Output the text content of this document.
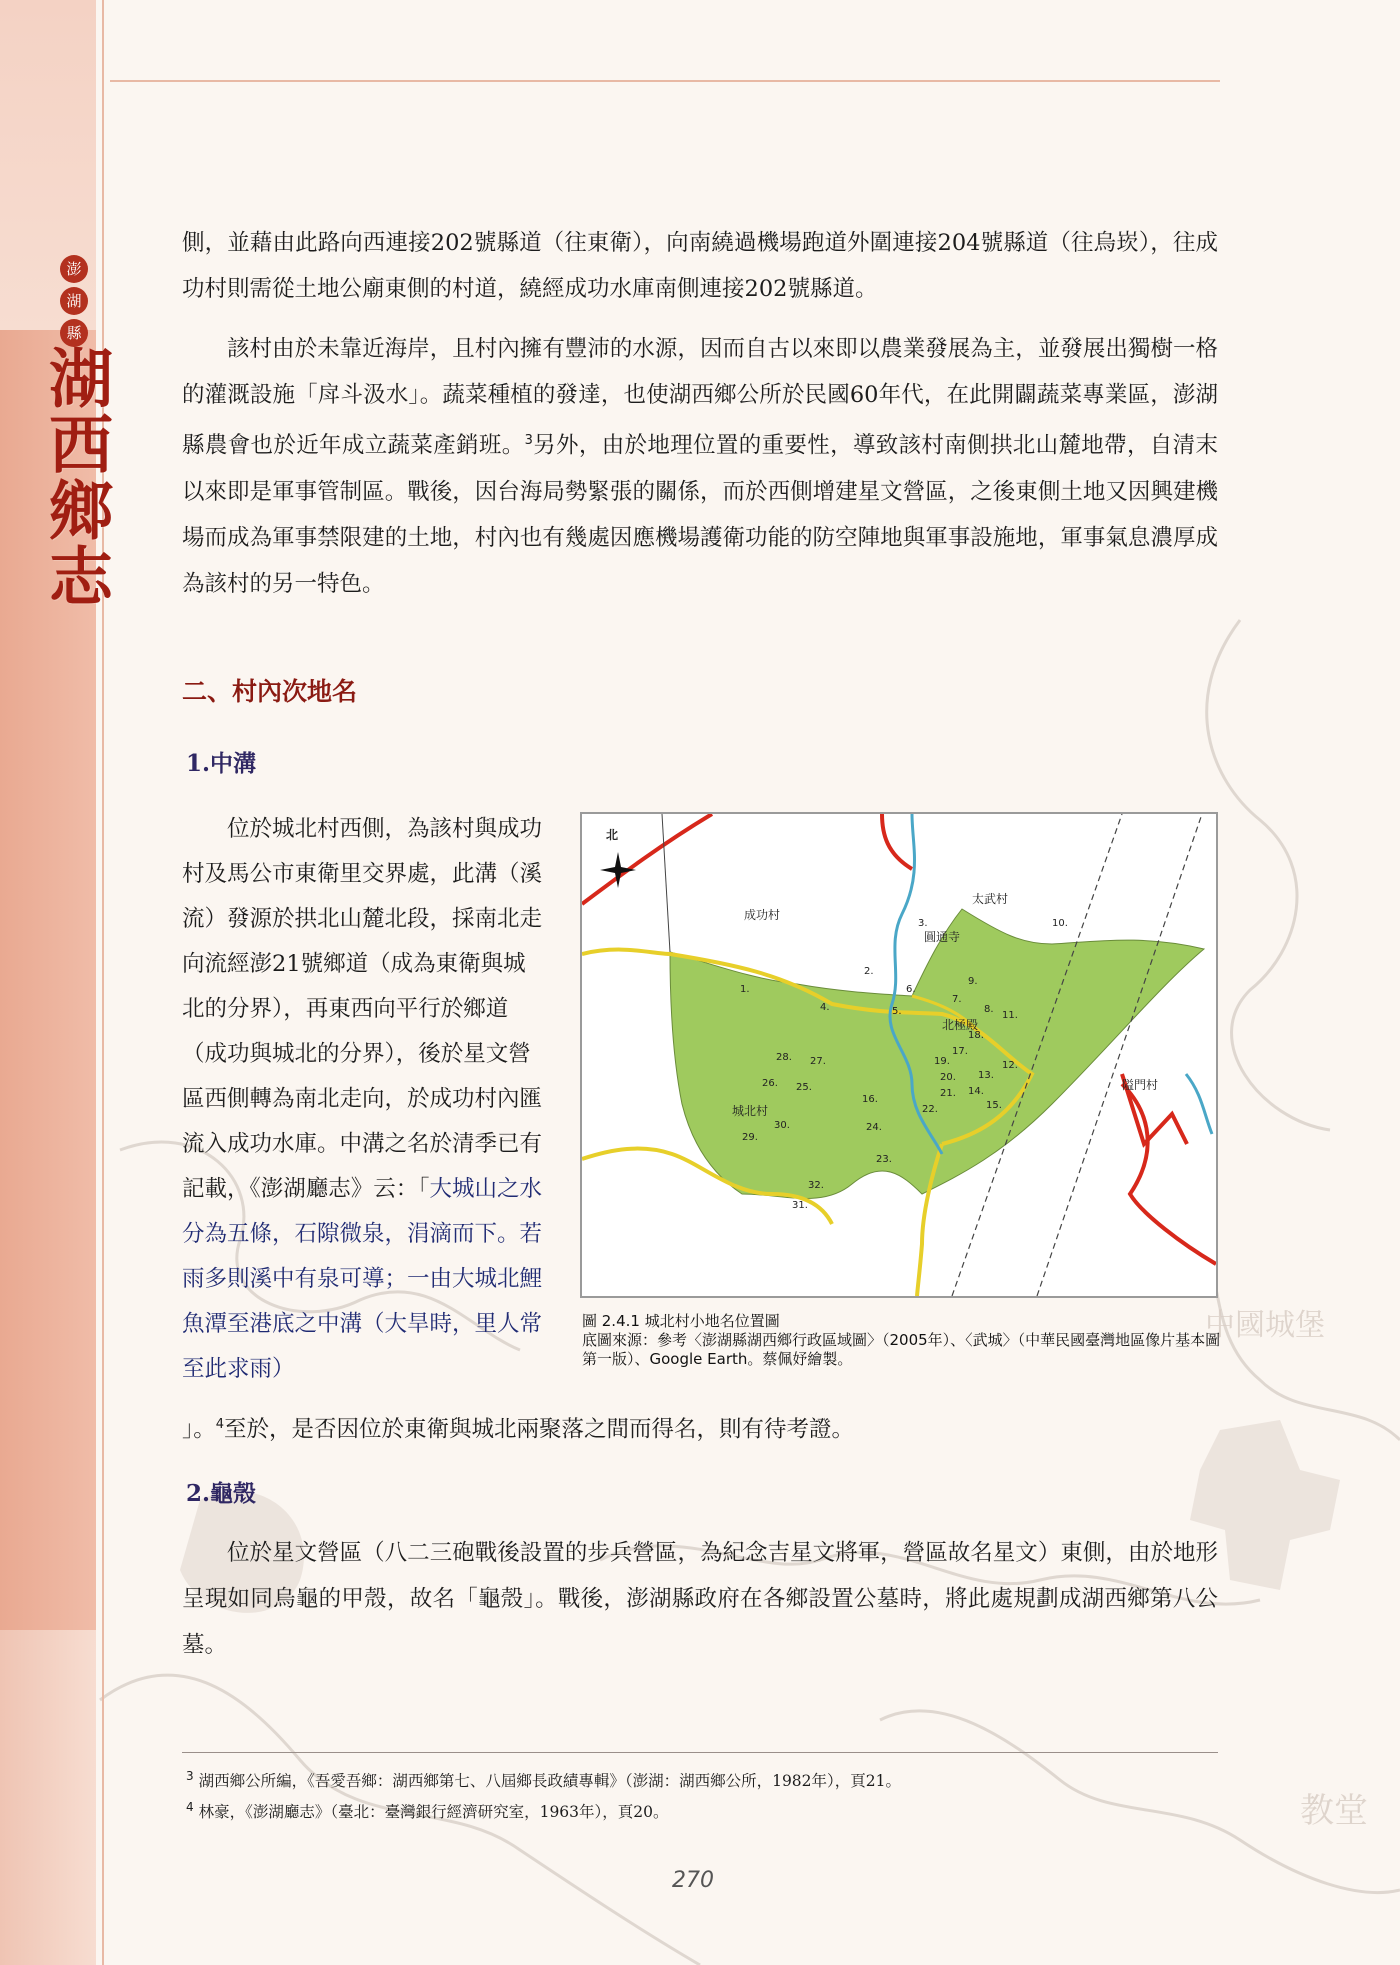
中國城堡
教堂
澎
湖
縣
湖西鄉志

側，並藉由此路向西連接202號縣道（往東衛），向南繞過機場跑道外圍連接204號縣道（往烏崁），往成功村則需從土地公廟東側的村道，繞經成功水庫南側連接202號縣道。

該村由於未靠近海岸，且村內擁有豐沛的水源，因而自古以來即以農業發展為主，並發展出獨樹一格的灌溉設施「戽斗汲水」。蔬菜種植的發達，也使湖西鄉公所於民國60年代，在此開闢蔬菜專業區，澎湖縣農會也於近年成立蔬菜產銷班。$^3$另外，由於地理位置的重要性，導致該村南側拱北山麓地帶，自清末以來即是軍事管制區。戰後，因台海局勢緊張的關係，而於西側增建星文營區，之後東側土地又因興建機場而成為軍事禁限建的土地，村內也有幾處因應機場護衛功能的防空陣地與軍事設施地，軍事氣息濃厚成為該村的另一特色。

二、村內次地名
1.中溝

位於城北村西側，為該村與成功村及馬公市東衛里交界處，此溝（溪流）發源於拱北山麓北段，採南北走向流經澎21號鄉道（成為東衛與城北的分界），再東西向平行於鄉道（成功與城北的分界），後於星文營區西側轉為南北走向，於成功村內匯流入成功水庫。中溝之名於清季已有記載，《澎湖廳志》云：「大城山之水分為五條，石隙微泉，涓滴而下。若雨多則溪中有泉可導；一由大城北鯉魚潭至港底之中溝（大旱時，里人常至此求雨）

北
成功村
太武村
圓通寺
北極殿
城北村
隘門村
1.
2.
3.
4.	5.
6.
7.
8.
9.
10.
11.
12.
13.
14.
15.
16.
17.
18.
19.
20.
21.
22.
23.
24.
25.
26.
27.
28.
29.
30.
31.
32.

圖 2.4.1 城北村小地名位置圖
底圖來源：參考〈澎湖縣湖西鄉行政區域圖〉（2005年）、〈武城〉（中華民國臺灣地區像片基本圖第一版）、Google Earth。蔡佩妤繪製。

」。$^4$至於，是否因位於東衛與城北兩聚落之間而得名，則有待考證。

2.龜殼

位於星文營區（八二三砲戰後設置的步兵營區，為紀念吉星文將軍，營區故名星文）東側，由於地形呈現如同烏龜的甲殼，故名「龜殼」。戰後，澎湖縣政府在各鄉設置公墓時，將此處規劃成湖西鄉第八公墓。

$^3$ 湖西鄉公所編，《吾愛吾鄉：湖西鄉第七、八屆鄉長政績專輯》（澎湖：湖西鄉公所，1982年），頁21。

$^4$ 林豪，《澎湖廳志》（臺北：臺灣銀行經濟研究室，1963年），頁20。

270
